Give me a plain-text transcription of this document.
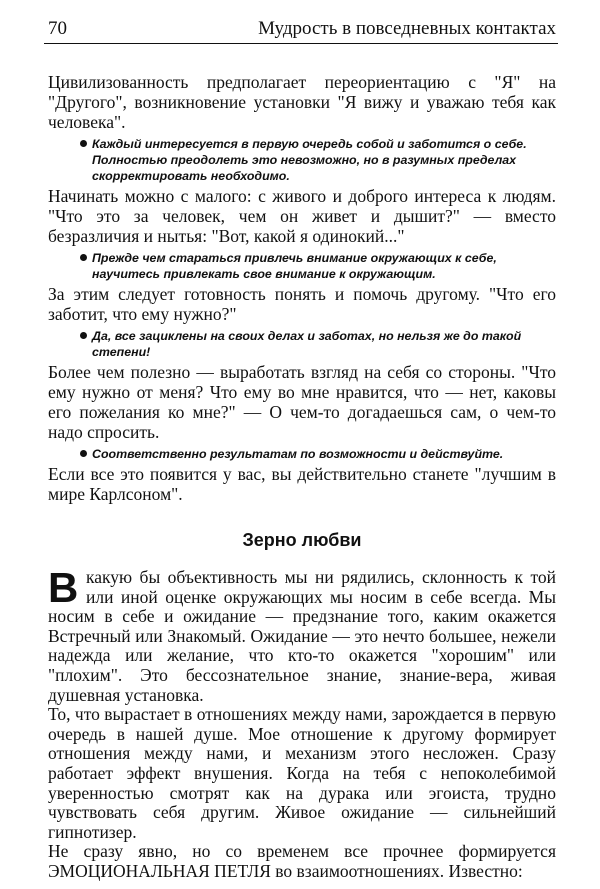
70	Мудрость в повседневных контактах

Цивилизованность предполагает переориентацию с "Я" на "Другого", возникновение установки "Я вижу и уважаю тебя как человека".

Каждый интересуется в первую очередь собой и заботится о себе. Полностью преодолеть это невозможно, но в разумных пределах скорректировать необходимо.

Начинать можно с малого: с живого и доброго интереса к людям. "Что это за человек, чем он живет и дышит?" — вместо безразличия и нытья: "Вот, какой я одинокий..."

Прежде чем стараться привлечь внимание окружающих к себе, научитесь привлекать свое внимание к окружающим.

За этим следует готовность понять и помочь другому. "Что его заботит, что ему нужно?"

Да, все зациклены на своих делах и заботах, но нельзя же до такой степени!

Более чем полезно — выработать взгляд на себя со стороны. "Что ему нужно от меня? Что ему во мне нравится, что — нет, каковы его пожелания ко мне?" — О чем-то догадаешься сам, о чем-то надо спросить.

Соответственно результатам по возможности и действуйте.

Если все это появится у вас, вы действительно станете "лучшим в мире Карлсоном".

Зерно любви
В какую бы объективность мы ни рядились, склонность к той или иной оценке окружающих мы носим в себе всегда. Мы носим в себе и ожидание — предзнание того, каким окажется Встречный или Знакомый. Ожидание — это нечто большее, нежели надежда или желание, что кто-то окажется "хорошим" или "плохим". Это бессознательное знание, знание-вера, живая душевная установка.

То, что вырастает в отношениях между нами, зарождается в первую очередь в нашей душе. Мое отношение к другому формирует отношения между нами, и механизм этого несложен. Сразу работает эффект внушения. Когда на тебя с непоколебимой уверенностью смотрят как на дурака или эгоиста, трудно чувствовать себя другим. Живое ожидание — сильнейший гипнотизер.

Не сразу явно, но со временем все прочнее формируется ЭМОЦИОНАЛЬНАЯ ПЕТЛЯ во взаимоотношениях. Известно:
